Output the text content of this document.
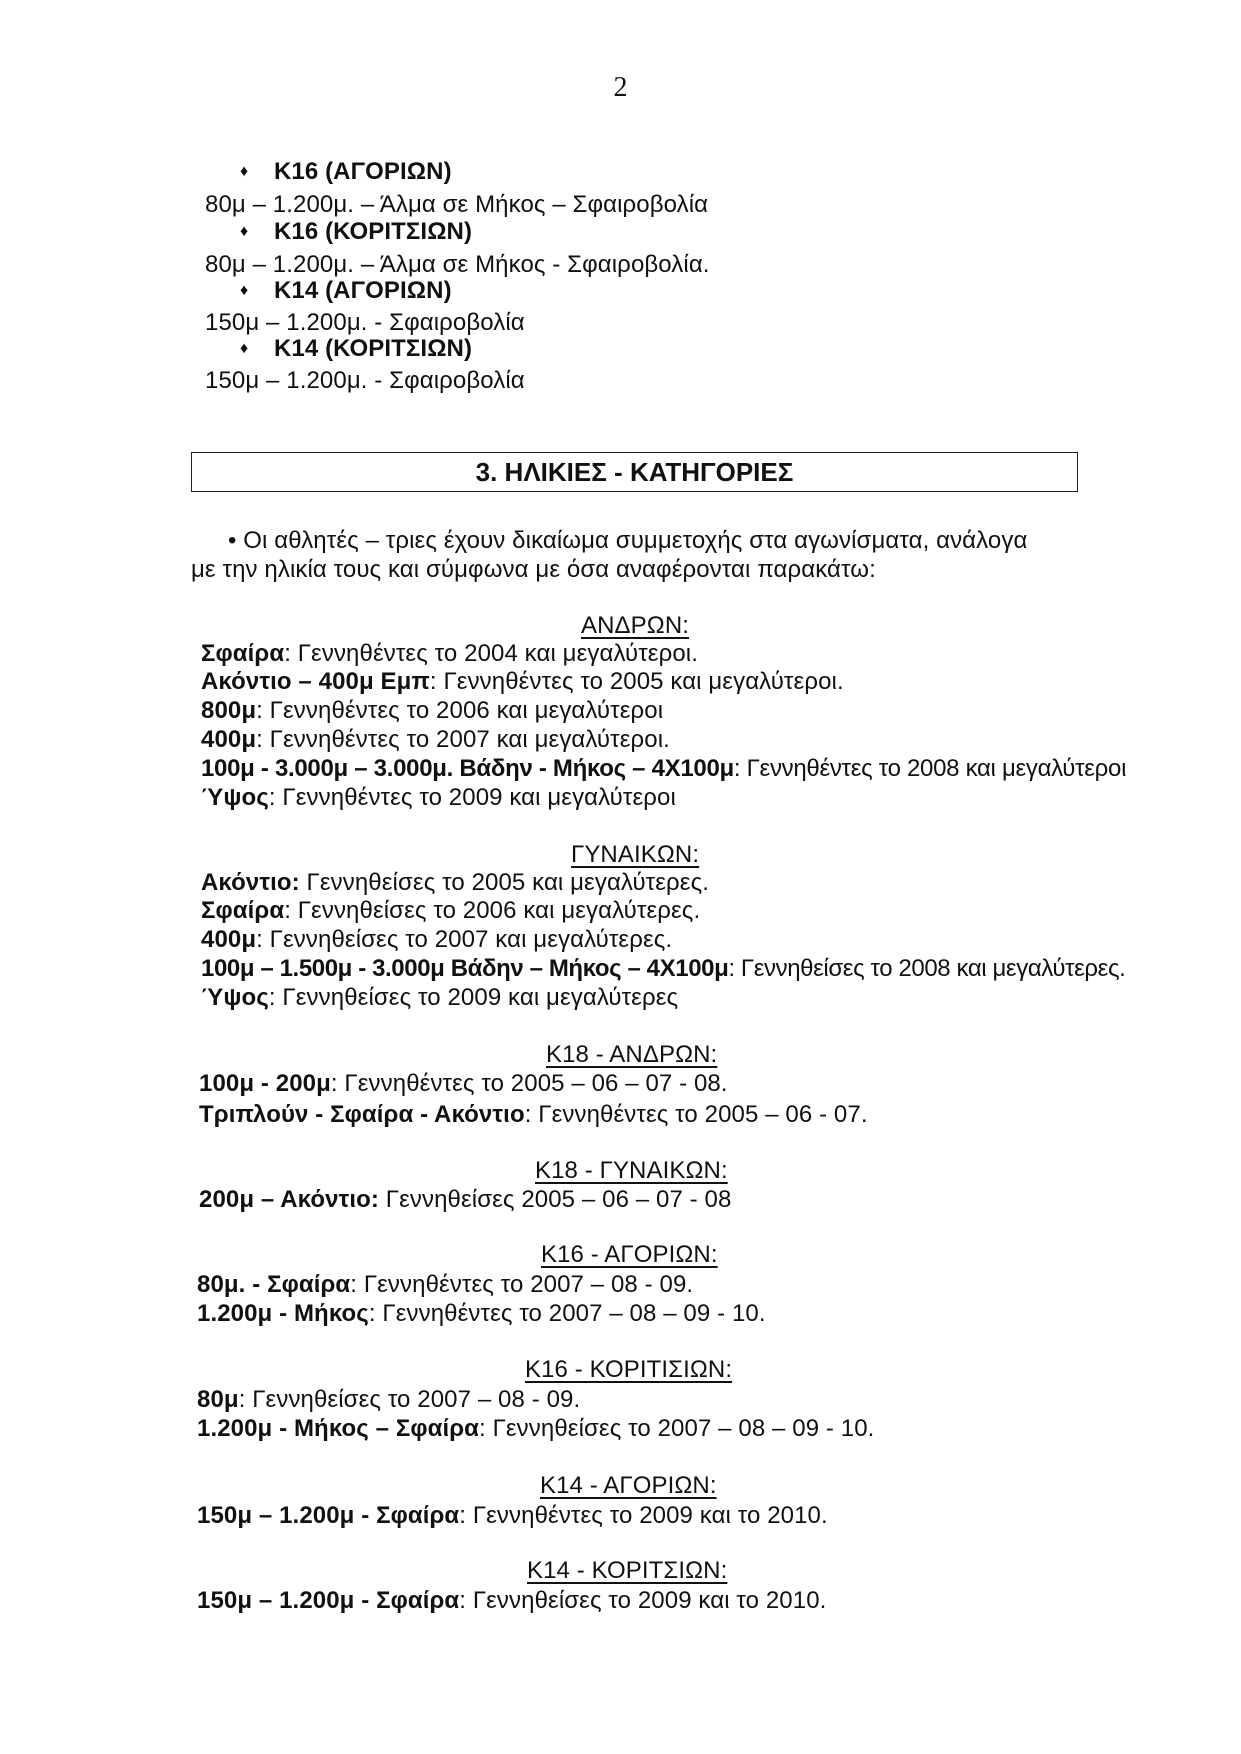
2
♦ K16 (ΑΓΟΡΙΩΝ)
80μ – 1.200μ. – Άλμα σε Μήκος – Σφαιροβολία
♦ K16 (ΚΟΡΙΤΣΙΩΝ)
80μ – 1.200μ. – Άλμα σε Μήκος - Σφαιροβολία.
♦ K14 (ΑΓΟΡΙΩΝ)
150μ – 1.200μ. - Σφαιροβολία
♦ K14 (ΚΟΡΙΤΣΙΩΝ)
150μ – 1.200μ. - Σφαιροβολία
3. ΗΛΙΚΙΕΣ - ΚΑΤΗΓΟΡΙΕΣ
• Οι αθλητές – τριες έχουν δικαίωμα συμμετοχής στα αγωνίσματα, ανάλογα
με την ηλικία τους και σύμφωνα με όσα αναφέρονται παρακάτω:
ΑΝΔΡΩΝ:
Σφαίρα: Γεννηθέντες το 2004 και μεγαλύτεροι.
Ακόντιο – 400μ Εμπ: Γεννηθέντες το 2005 και μεγαλύτεροι.
800μ: Γεννηθέντες το 2006 και μεγαλύτεροι
400μ: Γεννηθέντες το 2007 και μεγαλύτεροι.
100μ - 3.000μ – 3.000μ. Βάδην - Μήκος – 4Χ100μ: Γεννηθέντες το 2008 και μεγαλύτεροι
Ύψος: Γεννηθέντες το 2009 και μεγαλύτεροι
ΓΥΝΑΙΚΩΝ:
Ακόντιο: Γεννηθείσες το 2005 και μεγαλύτερες.
Σφαίρα: Γεννηθείσες το 2006 και μεγαλύτερες.
400μ: Γεννηθείσες το 2007 και μεγαλύτερες.
100μ – 1.500μ - 3.000μ Βάδην – Μήκος – 4Χ100μ: Γεννηθείσες το 2008 και μεγαλύτερες.
Ύψος: Γεννηθείσες το 2009 και μεγαλύτερες
Κ18 - ΑΝΔΡΩΝ:
100μ - 200μ: Γεννηθέντες το 2005 – 06 – 07 - 08.
Τριπλούν - Σφαίρα - Ακόντιο: Γεννηθέντες το 2005 – 06 - 07.
Κ18 - ΓΥΝΑΙΚΩΝ:
200μ – Ακόντιο: Γεννηθείσες 2005 – 06 – 07 - 08
Κ16 - ΑΓΟΡΙΩΝ:
80μ. - Σφαίρα: Γεννηθέντες το 2007 – 08 - 09.
1.200μ - Μήκος: Γεννηθέντες το 2007 – 08 – 09 - 10.
Κ16 - ΚΟΡΙΤΙΣΙΩΝ:
80μ: Γεννηθείσες το 2007 – 08 - 09.
1.200μ - Μήκος – Σφαίρα: Γεννηθείσες το 2007 – 08 – 09 - 10.
Κ14 - ΑΓΟΡΙΩΝ:
150μ – 1.200μ - Σφαίρα: Γεννηθέντες το 2009 και το 2010.
Κ14 - ΚΟΡΙΤΣΙΩΝ:
150μ – 1.200μ - Σφαίρα: Γεννηθείσες το 2009 και το 2010.
